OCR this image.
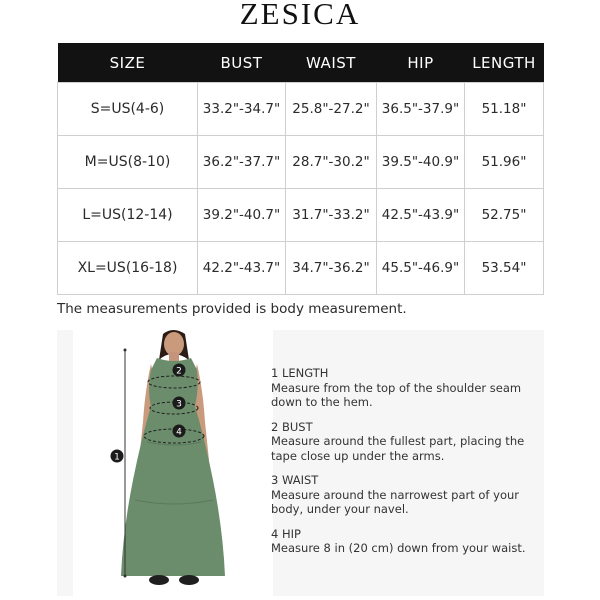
ZESICA
SIZE	BUST	WAIST	HIP	LENGTH
S=US(4-6)	33.2"-34.7"	25.8"-27.2"	36.5"-37.9"	51.18"
M=US(8-10)	36.2"-37.7"	28.7"-30.2"	39.5"-40.9"	51.96"
L=US(12-14)	39.2"-40.7"	31.7"-33.2"	42.5"-43.9"	52.75"
XL=US(16-18)	42.2"-43.7"	34.7"-36.2"	45.5"-46.9"	53.54"
The measurements provided is body measurement.
1
2
3
4
1 LENGTH
Measure from the top of the shoulder seam down to the hem.
2 BUST
Measure around the fullest part, placing the tape close up under the arms.
3 WAIST
Measure around the narrowest part of your body, under your navel.
4 HIP
Measure 8 in (20 cm) down from your waist.
